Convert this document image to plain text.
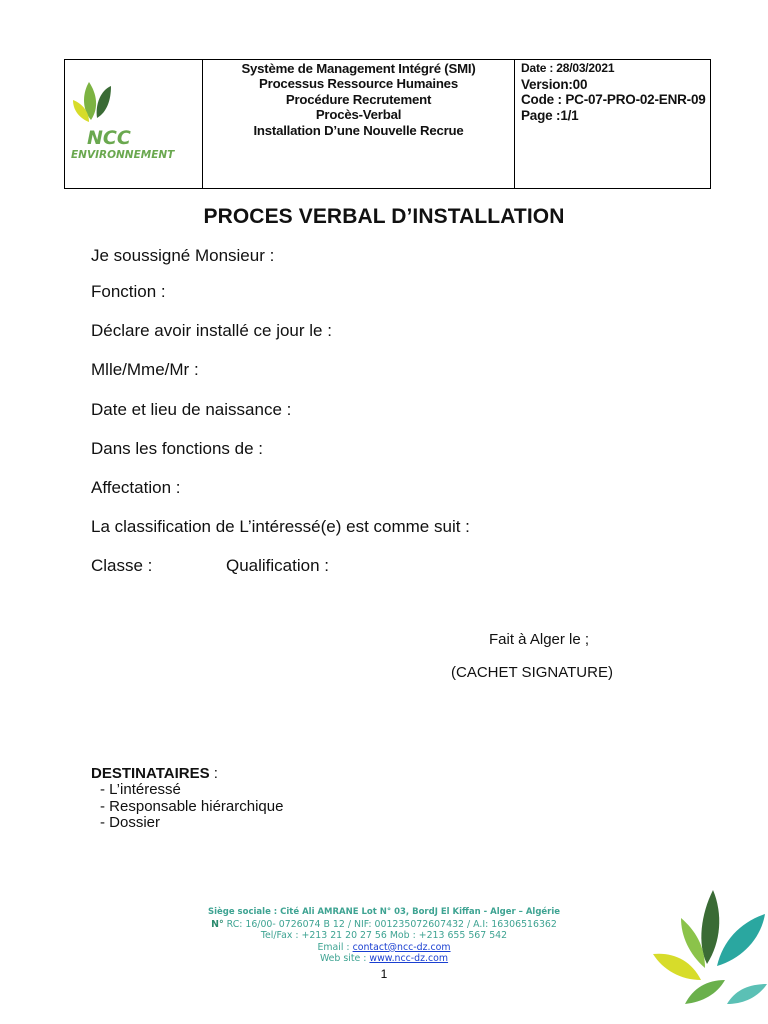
NCC
ENVIRONNEMENT
Système de Management Intégré (SMI)
Processus Ressource Humaines
Procédure Recrutement
Procès-Verbal
Installation D’une Nouvelle Recrue
Date : 28/03/2021
Version:00
Code : PC-07-PRO-02-ENR-09
Page :1/1
PROCES VERBAL D’INSTALLATION
Je soussigné Monsieur :
Fonction :
Déclare avoir installé ce jour le :
Mlle/Mme/Mr :
Date et lieu de naissance :
Dans les fonctions de :
Affectation :
La classification de L’intéressé(e) est comme suit :
Classe :	Qualification :
Fait à Alger le ;
(CACHET SIGNATURE)
DESTINATAIRES :
- L’intéressé
- Responsable hiérarchique
- Dossier
Siège sociale : Cité Ali AMRANE Lot N° 03, BordJ El Kiffan - Alger – Algérie
N° RC: 16/00- 0726074 B 12 / NIF: 001235072607432 / A.I: 16306516362
Tel/Fax : +213 21 20 27 56 Mob : +213 655 567 542
Email : contact@ncc-dz.com
Web site : www.ncc-dz.com
1
